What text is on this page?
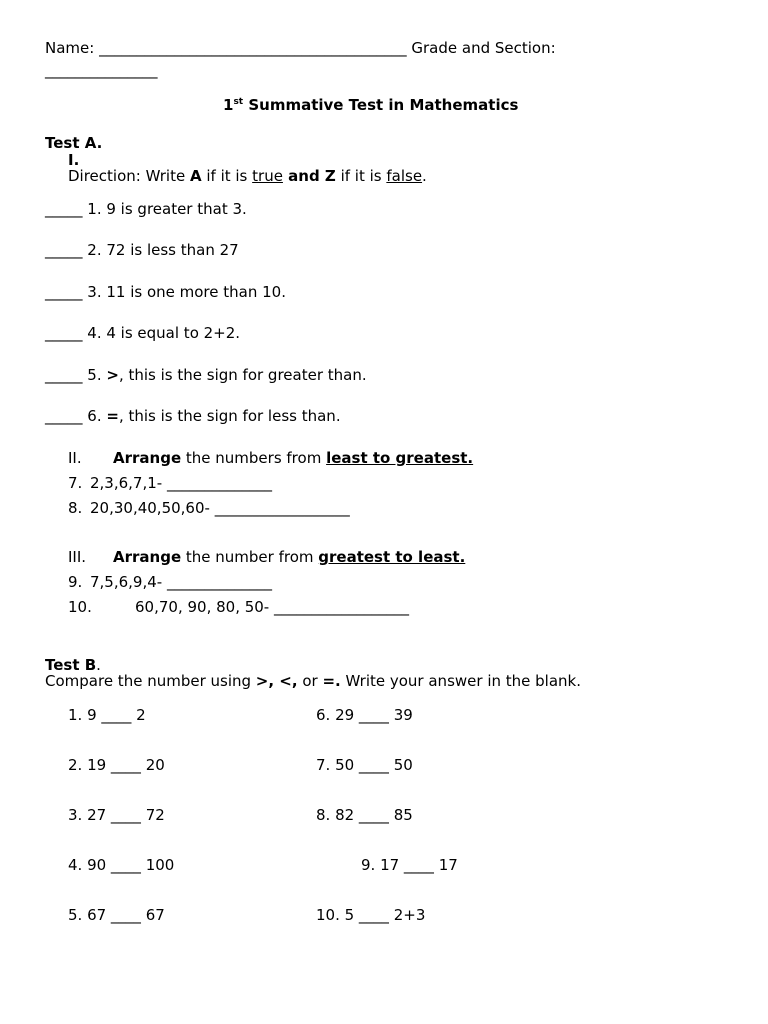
Name: _________________________________________ Grade and Section:
_______________
1st Summative Test in Mathematics
Test A.
I.
Direction: Write A if it is true and Z if it is false.
_____ 1. 9 is greater that 3.
_____ 2. 72 is less than 27
_____ 3. 11 is one more than 10.
_____ 4. 4 is equal to 2+2.
_____ 5. >, this is the sign for greater than.
_____ 6. =, this is the sign for less than.
II. Arrange the numbers from least to greatest.
7. 2,3,6,7,1- ______________
8. 20,30,40,50,60- __________________
III. Arrange the number from greatest to least.
9. 7,5,6,9,4- ______________
10.	60,70, 90, 80, 50- __________________
Test B.
Compare the number using >, <, or =. Write your answer in the blank.
1. 9 ____ 2
2. 19 ____ 20
3. 27 ____ 72
4. 90 ____ 100
5. 67 ____ 67
6. 29 ____ 39
7. 50 ____ 50
8. 82 ____ 85
9. 17 ____ 17
10. 5 ____ 2+3
